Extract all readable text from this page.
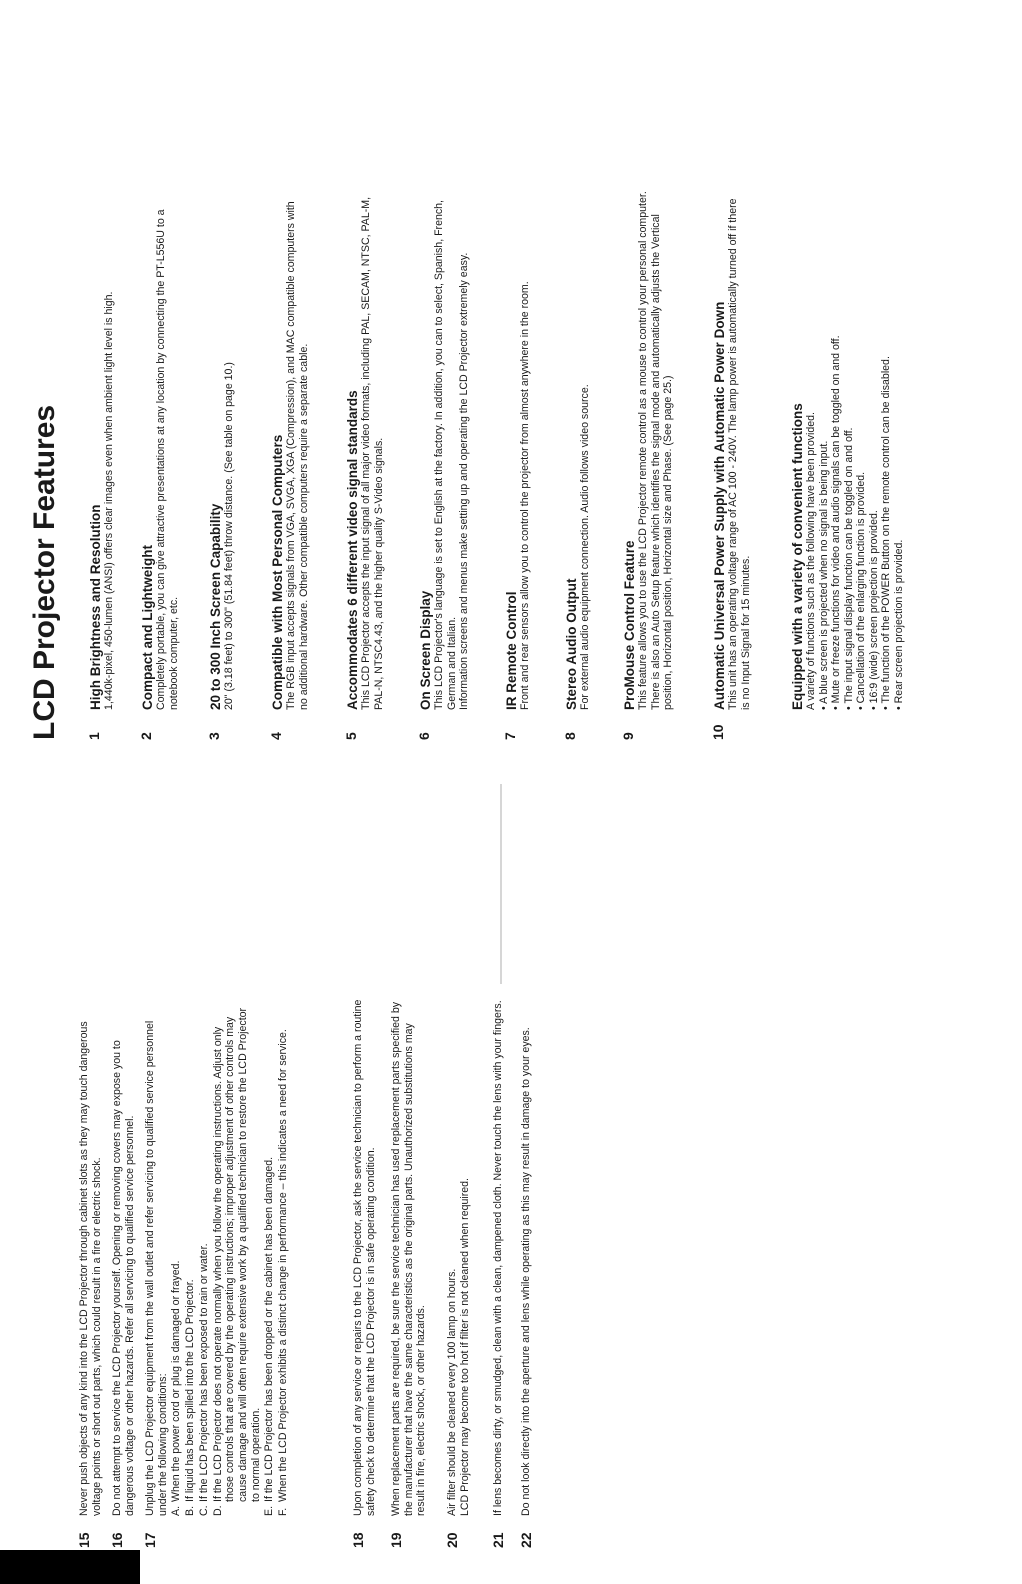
15
Never push objects of any kind into the LCD Projector through cabinet slots as they may touch dangerous voltage points or short out parts, which could result in a fire or electric shock.
16
Do not attempt to service the LCD Projector yourself. Opening or removing covers may expose you to dangerous voltage or other hazards. Refer all servicing to qualified service personnel.
17
Unplug the LCD Projector equipment from the wall outlet and refer servicing to qualified service personnel under the following conditions: A.
When the power cord or plug is damaged or frayed.
B.
If liquid has been spilled into the LCD Projector.
C.
If the LCD Projector has been exposed to rain or water.
D.
If the LCD Projector does not operate normally when you follow the operating instructions. Adjust only those controls that are covered by the operating instructions; improper adjustment of other controls may cause damage and will often require extensive work by a qualified technician to restore the LCD Projector to normal operation.
E.
If the LCD Projector has been dropped or the cabinet has been damaged.
F.
When the LCD Projector exhibits a distinct change in performance – this indicates a need for service.
18
Upon completion of any service or repairs to the LCD Projector, ask the service technician to perform a routine safety check to determine that the LCD Projector is in safe operating condition.
19
When replacement parts are required, be sure the service technician has used replacement parts specified by the manufacturer that have the same characteristics as the original parts. Unauthorized substitutions may result in fire, electric shock, or other hazards.
20
Air filter should be cleaned every 100 lamp on hours. LCD Projector may become too hot if filter is not cleaned when required.
21
If lens becomes dirty, or smudged, clean with a clean, dampened cloth. Never touch the lens with your fingers.
22
Do not look directly into the aperture and lens while operating as this may result in damage to your eyes.
LCD Projector Features 1
High Brightness and Resolution 1,440k-pixel, 450-lumen (ANSI) offers clear images even when ambient light level is high.
2
Compact and Lightweight Completely portable, you can give attractive presentations at any location by connecting the PT-L556U to a notebook computer, etc.
3
20 to 300 Inch Screen Capability 20" (3.18 feet) to 300" (51.84 feet) throw distance. (See table on page 10.)
4
Compatible with Most Personal Computers The RGB input accepts signals from VGA, SVGA, XGA (Compression), and MAC compatible computers with no additional hardware. Other compatible computers require a separate cable.
5
Accommodates 6 different video signal standards This LCD Projector accepts the input signal of all major video formats, including PAL, SECAM, NTSC, PAL-M, PAL-N, NTSC4.43, and the higher quality S-Video signals.
6
On Screen Display This LCD Projector's language is set to English at the factory. In addition, you can to select, Spanish, French, German and Italian. Information screens and menus make setting up and operating the LCD Projector extremely easy.
7
IR Remote Control Front and rear sensors allow you to control the projector from almost anywhere in the room.
8
Stereo Audio Output For external audio equipment connection. Audio follows video source.
9
ProMouse Control Feature This feature allows you to use the LCD Projector remote control as a mouse to control your personal computer. There is also an Auto Setup feature which identifies the signal mode and automatically adjusts the Vertical position, Horizontal position, Horizontal size and Phase. (See page 25.)
10
Automatic Universal Power Supply with Automatic Power Down This unit has an operating voltage range of AC 100 - 240V. The lamp power is automatically turned off if there is no Input Signal for 15 minutes.	Equipped with a variety of convenient functions A variety of functions such as the following have been provided. • A blue screen is projected when no signal is being input. • Mute or freeze functions for video and audio signals can be toggled on and off. • The input signal display function can be toggled on and off. • Cancellation of the enlarging function is provided. • 16:9 (wide) screen projection is provided. • The function of the POWER Button on the remote control can be disabled. • Rear screen projection is provided.
